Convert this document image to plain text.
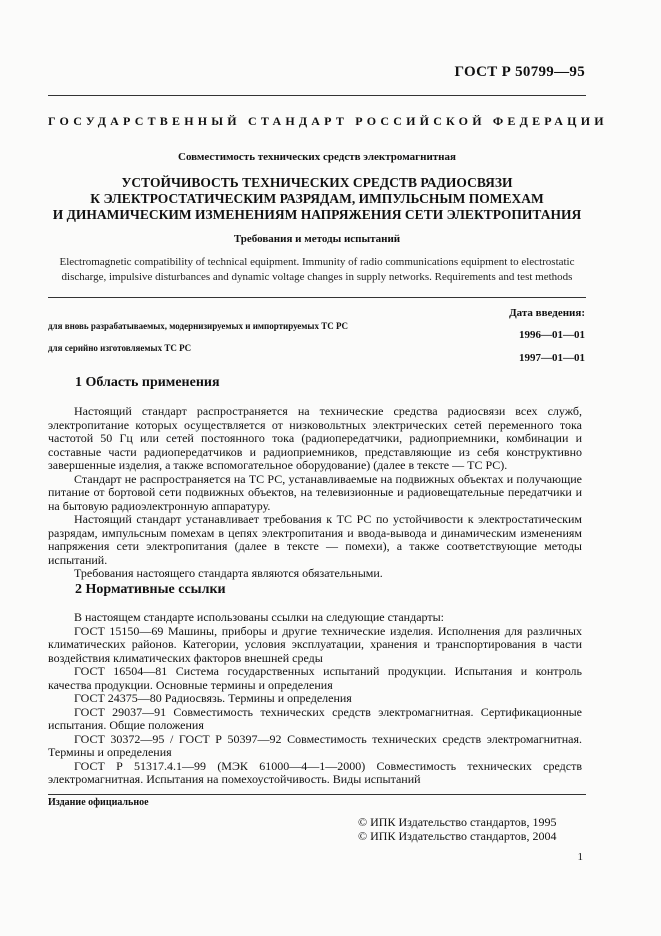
ГОСТ Р 50799—95
ГОСУДАРСТВЕННЫЙ СТАНДАРТ РОССИЙСКОЙ ФЕДЕРАЦИИ
Совместимость технических средств электромагнитная
УСТОЙЧИВОСТЬ ТЕХНИЧЕСКИХ СРЕДСТВ РАДИОСВЯЗИ
К ЭЛЕКТРОСТАТИЧЕСКИМ РАЗРЯДАМ, ИМПУЛЬСНЫМ ПОМЕХАМ
И ДИНАМИЧЕСКИМ ИЗМЕНЕНИЯМ НАПРЯЖЕНИЯ СЕТИ ЭЛЕКТРОПИТАНИЯ
Требования и методы испытаний
Electromagnetic compatibility of technical equipment. Immunity of radio communications equipment to electrostatic
discharge, impulsive disturbances and dynamic voltage changes in supply networks. Requirements and test methods
Дата введения:
для вновь разрабатываемых, модернизируемых и импортируемых ТС РС
1996—01—01
для серийно изготовляемых ТС РС
1997—01—01
1 Область применения

Настоящий стандарт распространяется на технические средства радиосвязи всех служб, электропитание которых осуществляется от низковольтных электрических сетей переменного тока частотой 50 Гц или сетей постоянного тока (радиопередатчики, радиоприемники, комбинации и составные части радиопередатчиков и радиоприемников, представляющие из себя конструктивно завершенные изделия, а также вспомогательное оборудование) (далее в тексте — ТС РС).

Стандарт не распространяется на ТС РС, устанавливаемые на подвижных объектах и получающие питание от бортовой сети подвижных объектов, на телевизионные и радиовещательные передатчики и на бытовую радиоэлектронную аппаратуру.

Настоящий стандарт устанавливает требования к ТС РС по устойчивости к электростатическим разрядам, импульсным помехам в цепях электропитания и ввода-вывода и динамическим изменениям напряжения сети электропитания (далее в тексте — помехи), а также соответствующие методы испытаний.

Требования настоящего стандарта являются обязательными.

2 Нормативные ссылки

В настоящем стандарте использованы ссылки на следующие стандарты:

ГОСТ 15150—69 Машины, приборы и другие технические изделия. Исполнения для различных климатических районов. Категории, условия эксплуатации, хранения и транспортирования в части воздействия климатических факторов внешней среды

ГОСТ 16504—81 Система государственных испытаний продукции. Испытания и контроль качества продукции. Основные термины и определения

ГОСТ 24375—80 Радиосвязь. Термины и определения

ГОСТ 29037—91 Совместимость технических средств электромагнитная. Сертификационные испытания. Общие положения

ГОСТ 30372—95 / ГОСТ Р 50397—92 Совместимость технических средств электромагнитная. Термины и определения

ГОСТ Р 51317.4.1—99 (МЭК 61000—4—1—2000) Совместимость технических средств электромагнитная. Испытания на помехоустойчивость. Виды испытаний

Издание официальное
© ИПК Издательство стандартов, 1995
© ИПК Издательство стандартов, 2004
1
